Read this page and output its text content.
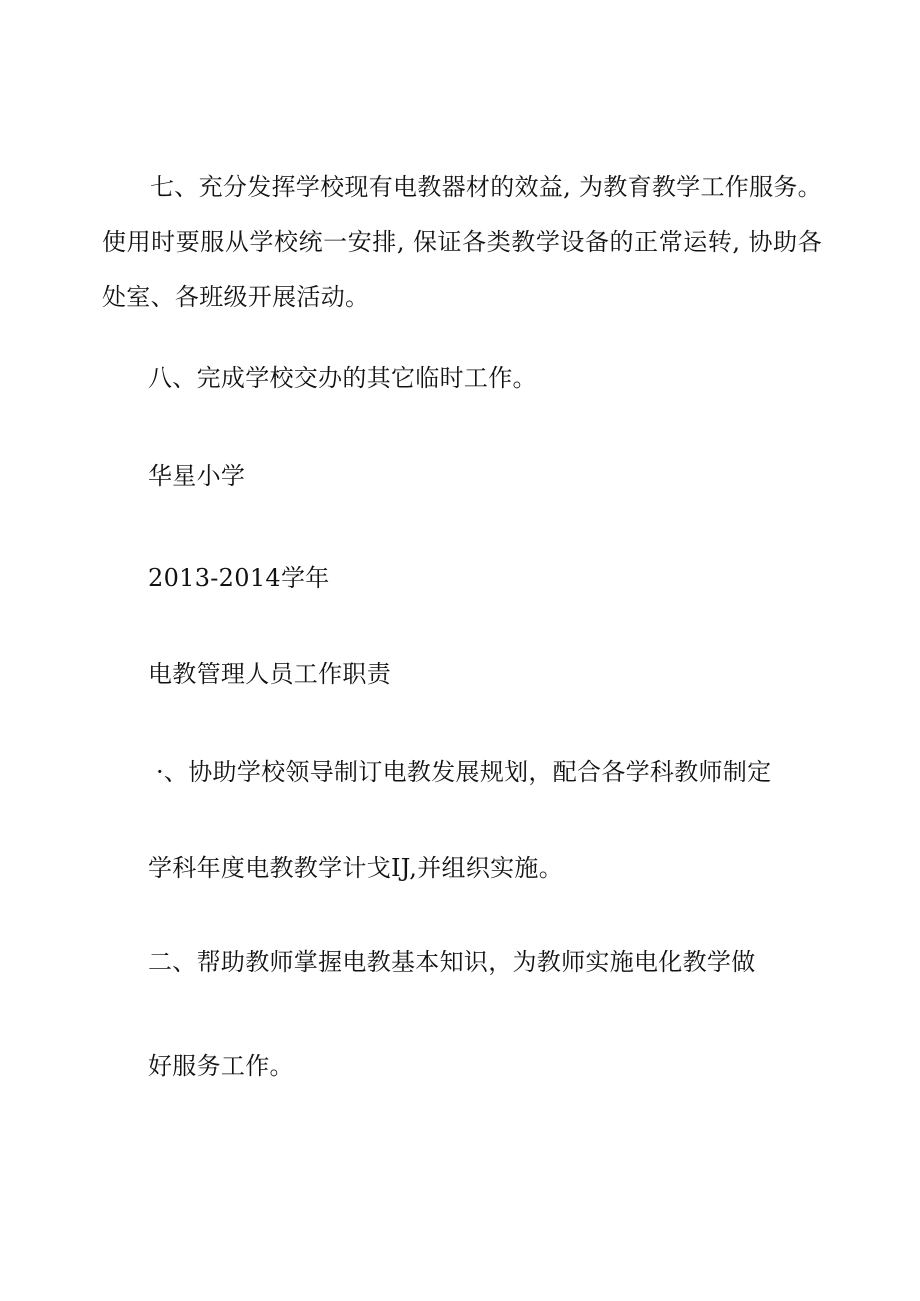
七、充分发挥学校现有电教器材的效益, 为教育教学工作服务。使用时要服从学校统一安排, 保证各类教学设备的正常运转, 协助各处室、各班级开展活动。

八、完成学校交办的其它临时工作。

华星小学

2013-2014学年

电教管理人员工作职责

·、协助学校领导制订电教发展规划，配合各学科教师制定

学科年度电教教学计戈IJ,并组织实施。

二、帮助教师掌握电教基本知识，为教师实施电化教学做

好服务工作。
